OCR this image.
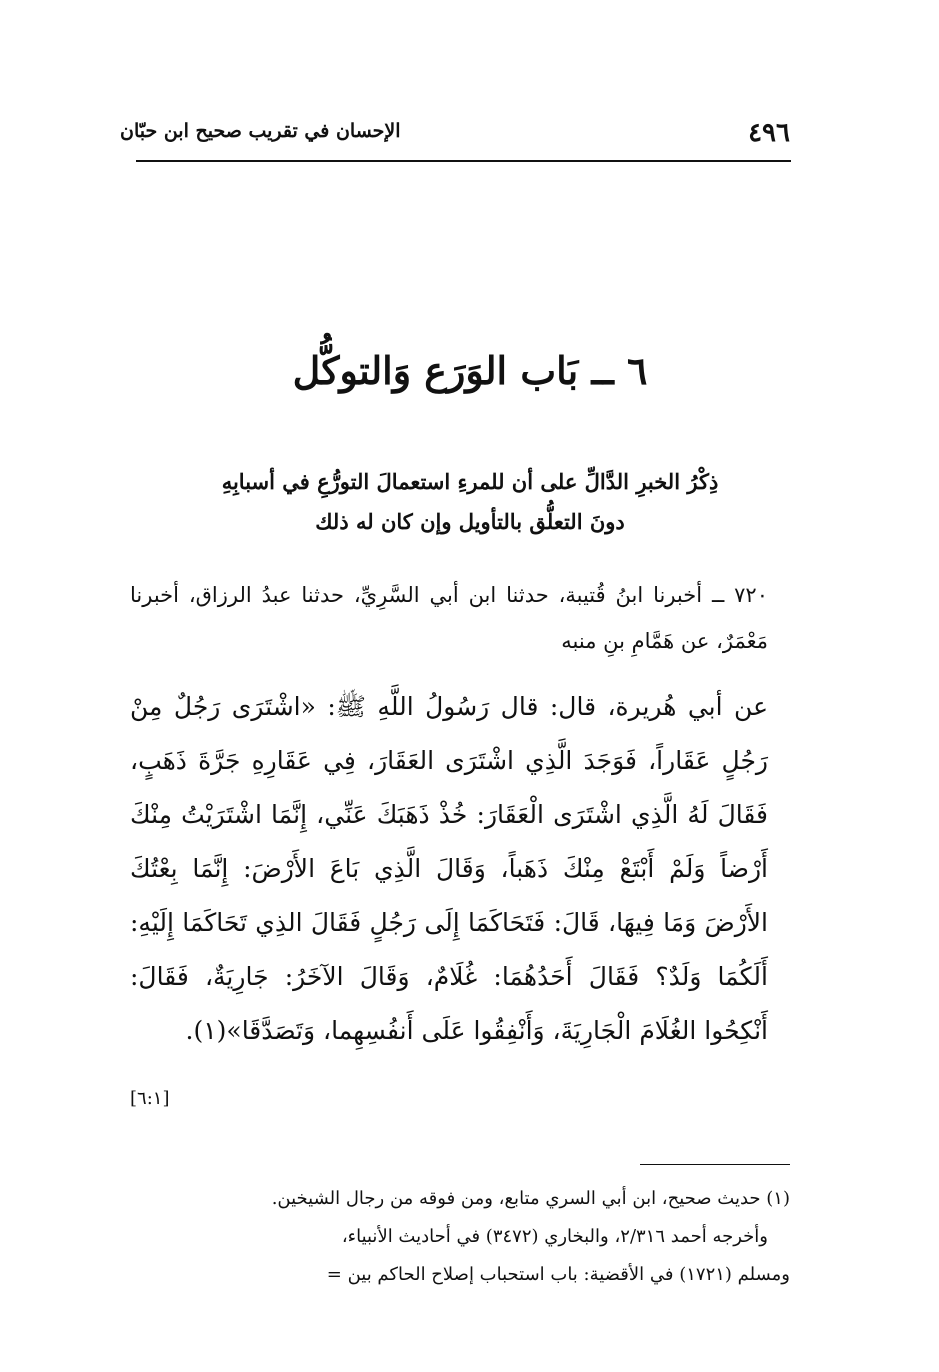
٤٩٦
الإحسان في تقريب صحيح ابن حبّان
٦ ــ بَاب الوَرَع وَالتوكُّل
ذِكْرُ الخبرِ الدَّالِّ على أن للمرءِ استعمالَ التورُّعِ في أسبابِهِ
دونَ التعلُّق بالتأويل وإن كان له ذلك

٧٢٠ ــ أخبرنا ابنُ قُتيبة، حدثنا ابن أبي السَّرِيِّ، حدثنا عبدُ الرزاق، أخبرنا مَعْمَرٌ، عن هَمَّامِ بنِ منبه

عن أبي هُريرة، قال: قال رَسُولُ اللَّهِ ﷺ: «اشْتَرَى رَجُلٌ مِنْ رَجُلٍ عَقَاراً، فَوَجَدَ الَّذِي اشْتَرَى العَقَارَ، فِي عَقَارِهِ جَرَّةَ ذَهَبٍ، فَقَالَ لَهُ الَّذِي اشْتَرَى الْعَقَارَ: خُذْ ذَهَبَكَ عَنِّي، إِنَّمَا اشْتَرَيْتُ مِنْكَ أَرْضاً وَلَمْ أَبْتَعْ مِنْكَ ذَهَباً، وَقَالَ الَّذِي بَاعَ الأَرْضَ: إِنَّمَا بِعْتُكَ الأَرْضَ وَمَا فِيهَا، قَالَ: فَتَحَاكَمَا إِلَى رَجُلٍ فَقَالَ الذِي تَحَاكَمَا إِلَيْهِ: أَلَكُمَا وَلَدٌ؟ فَقَالَ أَحَدُهُمَا: غُلَامٌ، وَقَالَ الآخَرُ: جَارِيَةٌ، فَقَالَ: أَنْكِحُوا الغُلَامَ الْجَارِيَةَ، وَأَنْفِقُوا عَلَى أَنفُسِهِما، وَتَصَدَّقَا»(١).

[٦:١]

(١) حديث صحيح، ابن أبي السري متابع، ومن فوقه من رجال الشيخين.

وأخرجه أحمد ٢/٣١٦، والبخاري (٣٤٧٢) في أحاديث الأنبياء،

ومسلم (١٧٢١) في الأقضية: باب استحباب إصلاح الحاكم بين =
